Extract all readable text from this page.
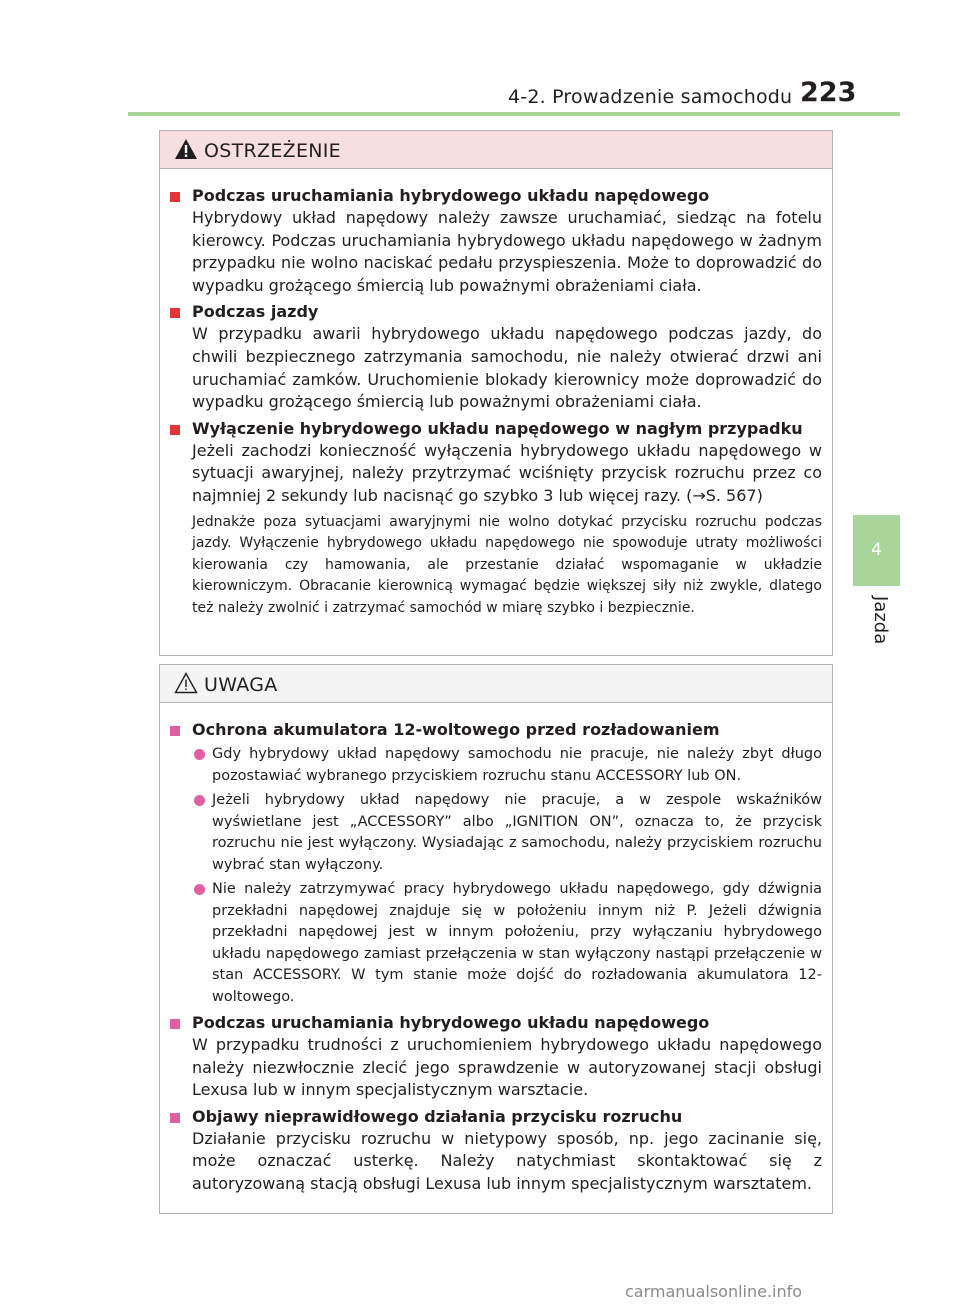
4-2. Prowadzenie samochodu 223
4
Jazda
OSTRZEŻENIE
Podczas uruchamiania hybrydowego układu napędowego
Hybrydowy układ napędowy należy zawsze uruchamiać, siedząc na fotelu kierowcy. Podczas uruchamiania hybrydowego układu napędowego w żadnym przypadku nie wolno naciskać pedału przyspieszenia. Może to doprowadzić do wypadku grożącego śmiercią lub poważnymi obrażeniami ciała.
Podczas jazdy
W przypadku awarii hybrydowego układu napędowego podczas jazdy, do chwili bezpiecznego zatrzymania samochodu, nie należy otwierać drzwi ani uruchamiać zamków. Uruchomienie blokady kierownicy może doprowadzić do wypadku grożącego śmiercią lub poważnymi obrażeniami ciała.
Wyłączenie hybrydowego układu napędowego w nagłym przypadku
Jeżeli zachodzi konieczność wyłączenia hybrydowego układu napędowego w sytuacji awaryjnej, należy przytrzymać wciśnięty przycisk rozruchu przez co najmniej 2 sekundy lub nacisnąć go szybko 3 lub więcej razy. (→S. 567)
Jednakże poza sytuacjami awaryjnymi nie wolno dotykać przycisku rozruchu podczas jazdy. Wyłączenie hybrydowego układu napędowego nie spowoduje utraty możliwości kierowania czy hamowania, ale przestanie działać wspomaganie w układzie kierowniczym. Obracanie kierownicą wymagać będzie większej siły niż zwykle, dlatego też należy zwolnić i zatrzymać samochód w miarę szybko i bezpiecznie.
UWAGA
Ochrona akumulatora 12-woltowego przed rozładowaniem
Gdy hybrydowy układ napędowy samochodu nie pracuje, nie należy zbyt długo pozostawiać wybranego przyciskiem rozruchu stanu ACCESSORY lub ON.
Jeżeli hybrydowy układ napędowy nie pracuje, a w zespole wskaźników wyświetlane jest „ACCESSORY” albo „IGNITION ON”, oznacza to, że przycisk rozruchu nie jest wyłączony. Wysiadając z samochodu, należy przyciskiem rozruchu wybrać stan wyłączony.
Nie należy zatrzymywać pracy hybrydowego układu napędowego, gdy dźwignia przekładni napędowej znajduje się w położeniu innym niż P. Jeżeli dźwignia przekładni napędowej jest w innym położeniu, przy wyłączaniu hybrydowego układu napędowego zamiast przełączenia w stan wyłączony nastąpi przełączenie w stan ACCESSORY. W tym stanie może dojść do rozładowania akumulatora 12-woltowego.
Podczas uruchamiania hybrydowego układu napędowego
W przypadku trudności z uruchomieniem hybrydowego układu napędowego należy niezwłocznie zlecić jego sprawdzenie w autoryzowanej stacji obsługi Lexusa lub w innym specjalistycznym warsztacie.
Objawy nieprawidłowego działania przycisku rozruchu
Działanie przycisku rozruchu w nietypowy sposób, np. jego zacinanie się, może oznaczać usterkę. Należy natychmiast skontaktować się z autoryzowaną stacją obsługi Lexusa lub innym specjalistycznym warsztatem.
carmanualsonline.info
